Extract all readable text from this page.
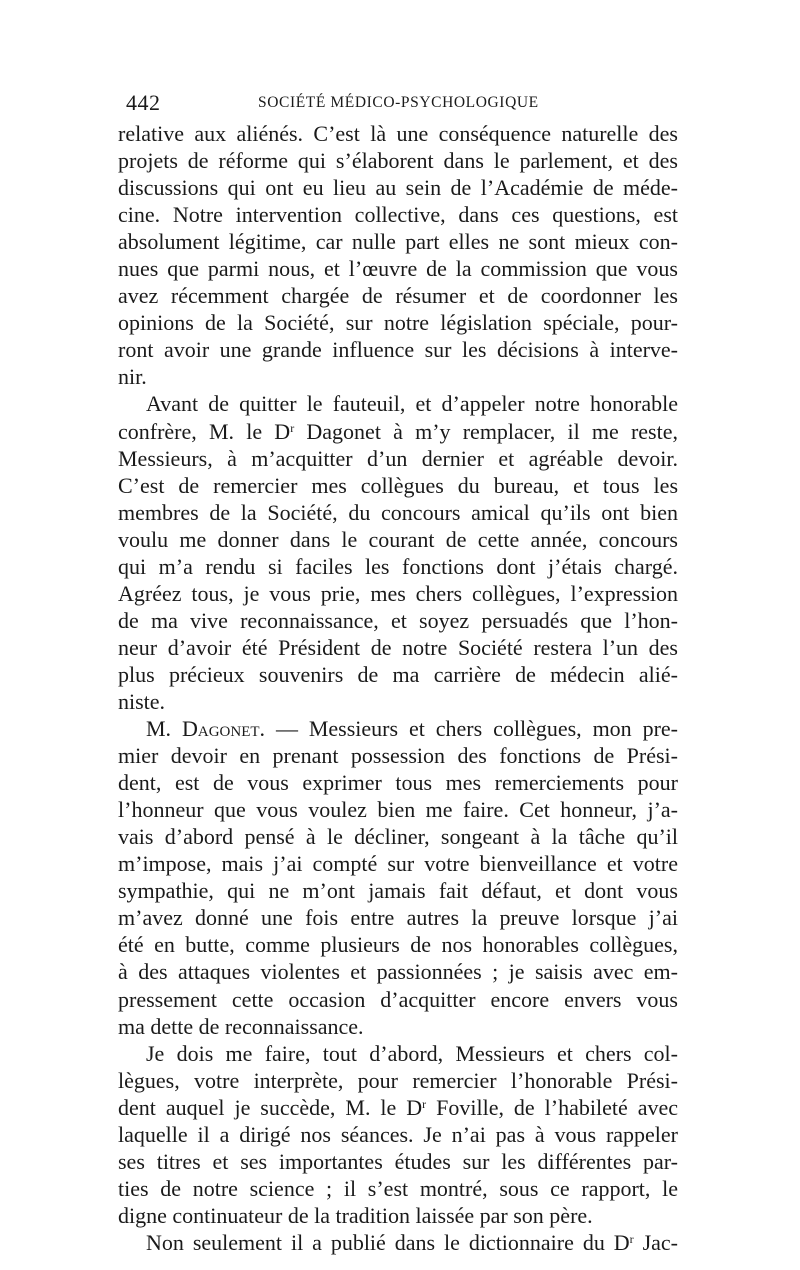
442	SOCIÉTÉ MÉDICO-PSYCHOLOGIQUE
relative aux aliénés. C’est là une conséquence naturelle des
projets de réforme qui s’élaborent dans le parlement, et des
discussions qui ont eu lieu au sein de l’Académie de méde-
cine. Notre intervention collective, dans ces questions, est
absolument légitime, car nulle part elles ne sont mieux con-
nues que parmi nous, et l’œuvre de la commission que vous
avez récemment chargée de résumer et de coordonner les
opinions de la Société, sur notre législation spéciale, pour-
ront avoir une grande influence sur les décisions à interve-
nir.
Avant de quitter le fauteuil, et d’appeler notre honorable
confrère, M. le $D^r$ Dagonet à m’y remplacer, il me reste,
Messieurs, à m’acquitter d’un dernier et agréable devoir.
C’est de remercier mes collègues du bureau, et tous les
membres de la Société, du concours amical qu’ils ont bien
voulu me donner dans le courant de cette année, concours
qui m’a rendu si faciles les fonctions dont j’étais chargé.
Agréez tous, je vous prie, mes chers collègues, l’expression
de ma vive reconnaissance, et soyez persuadés que l’hon-
neur d’avoir été Président de notre Société restera l’un des
plus précieux souvenirs de ma carrière de médecin alié-
niste.
M. Dagonet. — Messieurs et chers collègues, mon pre-
mier devoir en prenant possession des fonctions de Prési-
dent, est de vous exprimer tous mes remerciements pour
l’honneur que vous voulez bien me faire. Cet honneur, j’a-
vais d’abord pensé à le décliner, songeant à la tâche qu’il
m’impose, mais j’ai compté sur votre bienveillance et votre
sympathie, qui ne m’ont jamais fait défaut, et dont vous
m’avez donné une fois entre autres la preuve lorsque j’ai
été en butte, comme plusieurs de nos honorables collègues,
à des attaques violentes et passionnées ; je saisis avec em-
pressement cette occasion d’acquitter encore envers vous
ma dette de reconnaissance.
Je dois me faire, tout d’abord, Messieurs et chers col-
lègues, votre interprète, pour remercier l’honorable Prési-
dent auquel je succède, M. le $D^r$ Foville, de l’habileté avec
laquelle il a dirigé nos séances. Je n’ai pas à vous rappeler
ses titres et ses importantes études sur les différentes par-
ties de notre science ; il s’est montré, sous ce rapport, le
digne continuateur de la tradition laissée par son père.
Non seulement il a publié dans le dictionnaire du $D^r$ Jac-
